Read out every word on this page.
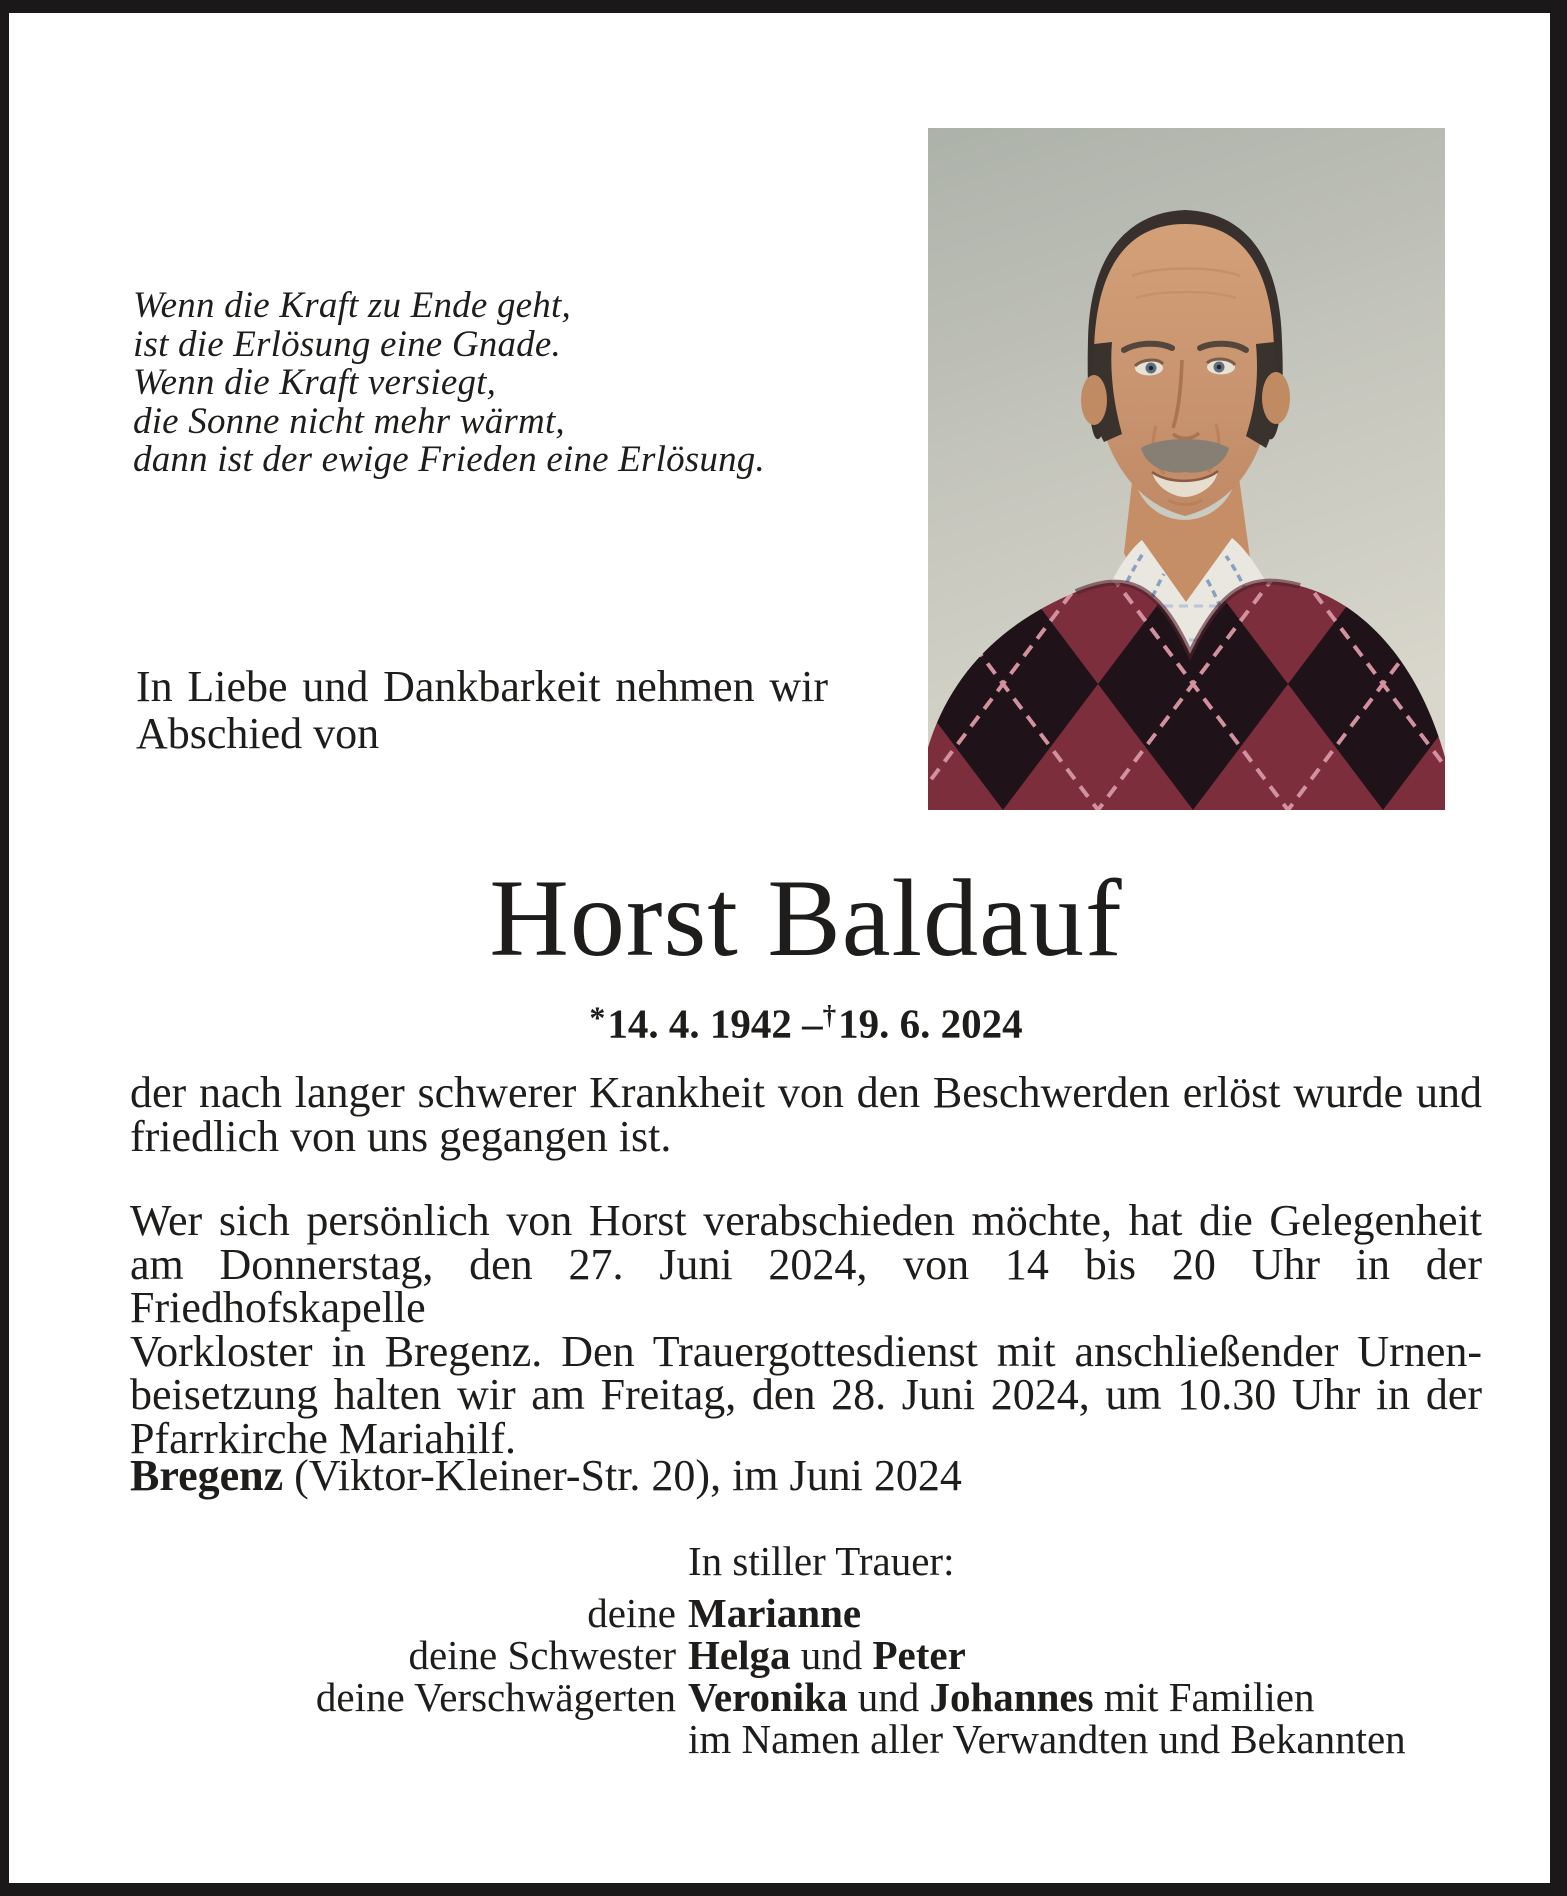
Wenn die Kraft zu Ende geht,
ist die Erlösung eine Gnade.
Wenn die Kraft versiegt,
die Sonne nicht mehr wärmt,
dann ist der ewige Frieden eine Erlösung.
In Liebe und Dankbarkeit nehmen wir
Abschied von
Horst Baldauf
*14. 4. 1942 –†19. 6. 2024
der nach langer schwerer Krankheit von den Beschwerden erlöst wurde und
friedlich von uns gegangen ist.
Wer sich persönlich von Horst verabschieden möchte, hat die Gelegenheit
am Donnerstag, den 27. Juni 2024, von 14 bis 20 Uhr in der Friedhofskapelle
Vorkloster in Bregenz. Den Trauergottesdienst mit anschließender Urnen-
beisetzung halten wir am Freitag, den 28. Juni 2024, um 10.30 Uhr in der
Pfarrkirche Mariahilf.
Bregenz (Viktor-Kleiner-Str. 20), im Juni 2024
In stiller Trauer:
deine Marianne
deine Schwester Helga und Peter
deine Verschwägerten Veronika und Johannes mit Familien
im Namen aller Verwandten und Bekannten
